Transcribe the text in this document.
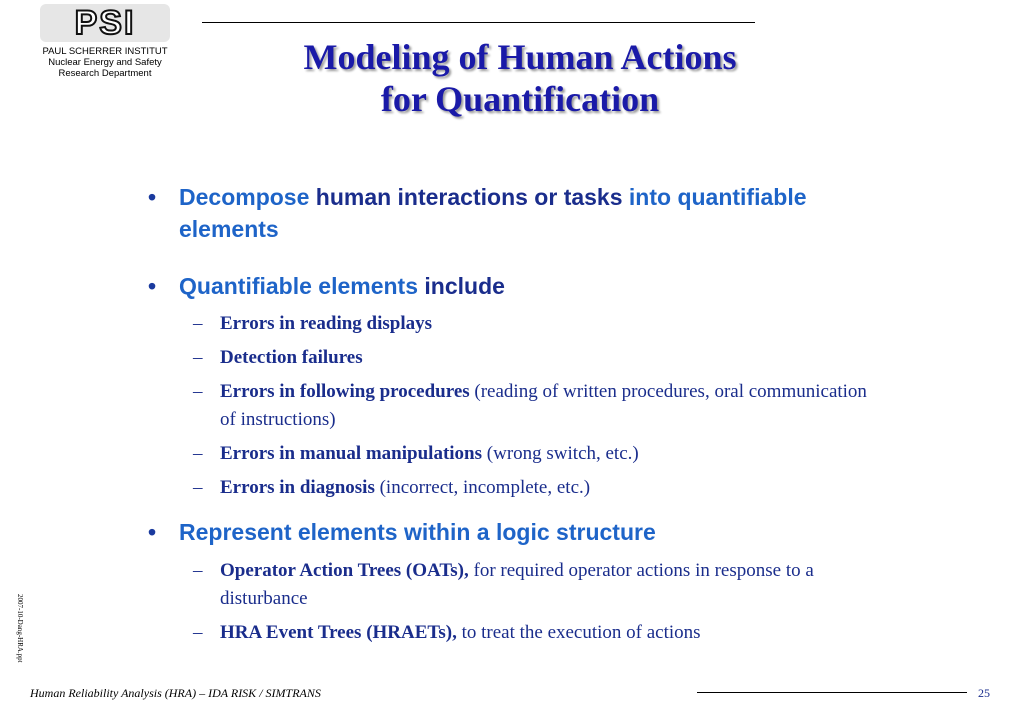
PSI

PAUL SCHERRER INSTITUT

Nuclear Energy and Safety

Research Department	Modeling of Human Actions
for Quantification
• Decompose human interactions or tasks into quantifiable elements
• Quantifiable elements include
– Errors in reading displays
– Detection failures
– Errors in following procedures (reading of written procedures, oral communication of instructions)
– Errors in manual manipulations (wrong switch, etc.)
– Errors in diagnosis (incorrect, incomplete, etc.)
• Represent elements within a logic structure
– Operator Action Trees (OATs), for required operator actions in response to a disturbance
– HRA Event Trees (HRAETs), to treat the execution of actions
2007-10-Dang-HRA.ppt
Human Reliability Analysis (HRA) – IDA RISK / SIMTRANS	25
